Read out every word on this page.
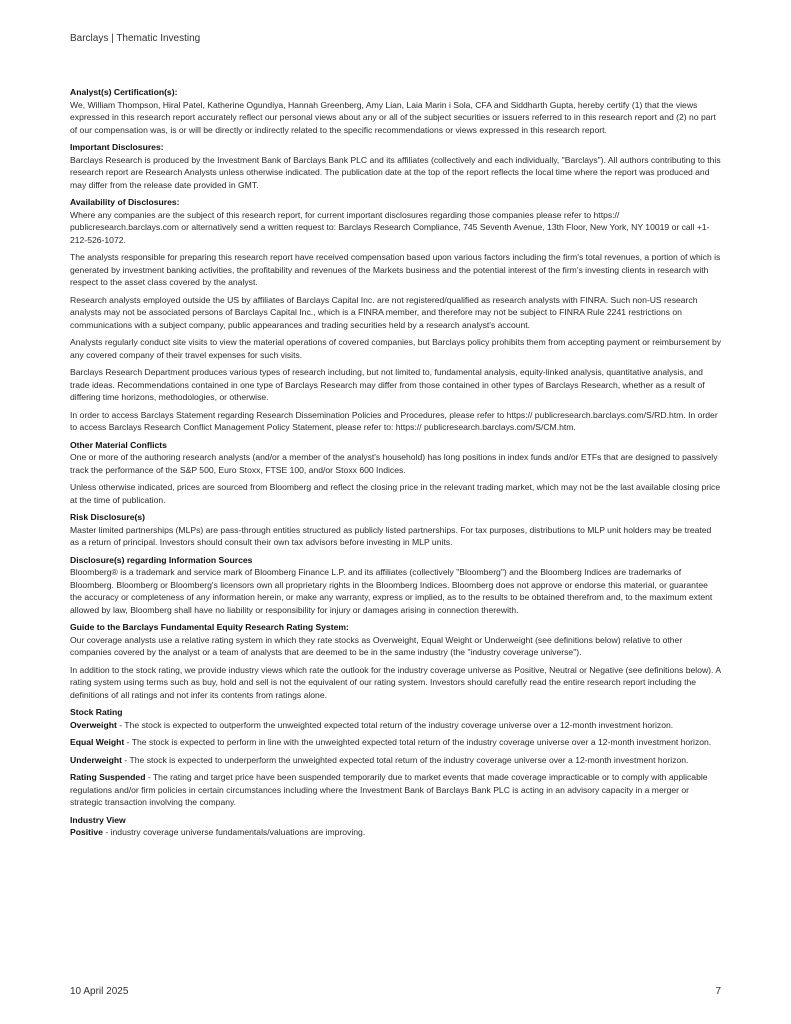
Barclays | Thematic Investing

Analyst(s) Certification(s):

We, William Thompson, Hiral Patel, Katherine Ogundiya, Hannah Greenberg, Amy Lian, Laia Marin i Sola, CFA and Siddharth Gupta, hereby certify (1) that the views expressed in this research report accurately reflect our personal views about any or all of the subject securities or issuers referred to in this research report and (2) no part of our compensation was, is or will be directly or indirectly related to the specific recommendations or views expressed in this research report.

Important Disclosures:

Barclays Research is produced by the Investment Bank of Barclays Bank PLC and its affiliates (collectively and each individually, "Barclays"). All authors contributing to this research report are Research Analysts unless otherwise indicated. The publication date at the top of the report reflects the local time where the report was produced and may differ from the release date provided in GMT.

Availability of Disclosures:

Where any companies are the subject of this research report, for current important disclosures regarding those companies please refer to https:// publicresearch.barclays.com or alternatively send a written request to: Barclays Research Compliance, 745 Seventh Avenue, 13th Floor, New York, NY 10019 or call +1-212-526-1072.

The analysts responsible for preparing this research report have received compensation based upon various factors including the firm's total revenues, a portion of which is generated by investment banking activities, the profitability and revenues of the Markets business and the potential interest of the firm's investing clients in research with respect to the asset class covered by the analyst.

Research analysts employed outside the US by affiliates of Barclays Capital Inc. are not registered/qualified as research analysts with FINRA. Such non-US research analysts may not be associated persons of Barclays Capital Inc., which is a FINRA member, and therefore may not be subject to FINRA Rule 2241 restrictions on communications with a subject company, public appearances and trading securities held by a research analyst's account.

Analysts regularly conduct site visits to view the material operations of covered companies, but Barclays policy prohibits them from accepting payment or reimbursement by any covered company of their travel expenses for such visits.

Barclays Research Department produces various types of research including, but not limited to, fundamental analysis, equity-linked analysis, quantitative analysis, and trade ideas. Recommendations contained in one type of Barclays Research may differ from those contained in other types of Barclays Research, whether as a result of differing time horizons, methodologies, or otherwise.

In order to access Barclays Statement regarding Research Dissemination Policies and Procedures, please refer to https:// publicresearch.barclays.com/S/RD.htm. In order to access Barclays Research Conflict Management Policy Statement, please refer to: https:// publicresearch.barclays.com/S/CM.htm.

Other Material Conflicts

One or more of the authoring research analysts (and/or a member of the analyst's household) has long positions in index funds and/or ETFs that are designed to passively track the performance of the S&P 500, Euro Stoxx, FTSE 100, and/or Stoxx 600 Indices.

Unless otherwise indicated, prices are sourced from Bloomberg and reflect the closing price in the relevant trading market, which may not be the last available closing price at the time of publication.

Risk Disclosure(s)

Master limited partnerships (MLPs) are pass-through entities structured as publicly listed partnerships. For tax purposes, distributions to MLP unit holders may be treated as a return of principal. Investors should consult their own tax advisors before investing in MLP units.

Disclosure(s) regarding Information Sources

Bloomberg® is a trademark and service mark of Bloomberg Finance L.P. and its affiliates (collectively "Bloomberg") and the Bloomberg Indices are trademarks of Bloomberg. Bloomberg or Bloomberg's licensors own all proprietary rights in the Bloomberg Indices. Bloomberg does not approve or endorse this material, or guarantee the accuracy or completeness of any information herein, or make any warranty, express or implied, as to the results to be obtained therefrom and, to the maximum extent allowed by law, Bloomberg shall have no liability or responsibility for injury or damages arising in connection therewith.

Guide to the Barclays Fundamental Equity Research Rating System:

Our coverage analysts use a relative rating system in which they rate stocks as Overweight, Equal Weight or Underweight (see definitions below) relative to other companies covered by the analyst or a team of analysts that are deemed to be in the same industry (the "industry coverage universe").

In addition to the stock rating, we provide industry views which rate the outlook for the industry coverage universe as Positive, Neutral or Negative (see definitions below). A rating system using terms such as buy, hold and sell is not the equivalent of our rating system. Investors should carefully read the entire research report including the definitions of all ratings and not infer its contents from ratings alone.

Stock Rating

Overweight - The stock is expected to outperform the unweighted expected total return of the industry coverage universe over a 12-month investment horizon.

Equal Weight - The stock is expected to perform in line with the unweighted expected total return of the industry coverage universe over a 12-month investment horizon.

Underweight - The stock is expected to underperform the unweighted expected total return of the industry coverage universe over a 12-month investment horizon.

Rating Suspended - The rating and target price have been suspended temporarily due to market events that made coverage impracticable or to comply with applicable regulations and/or firm policies in certain circumstances including where the Investment Bank of Barclays Bank PLC is acting in an advisory capacity in a merger or strategic transaction involving the company.

Industry View

Positive - industry coverage universe fundamentals/valuations are improving.

10 April 2025	7
